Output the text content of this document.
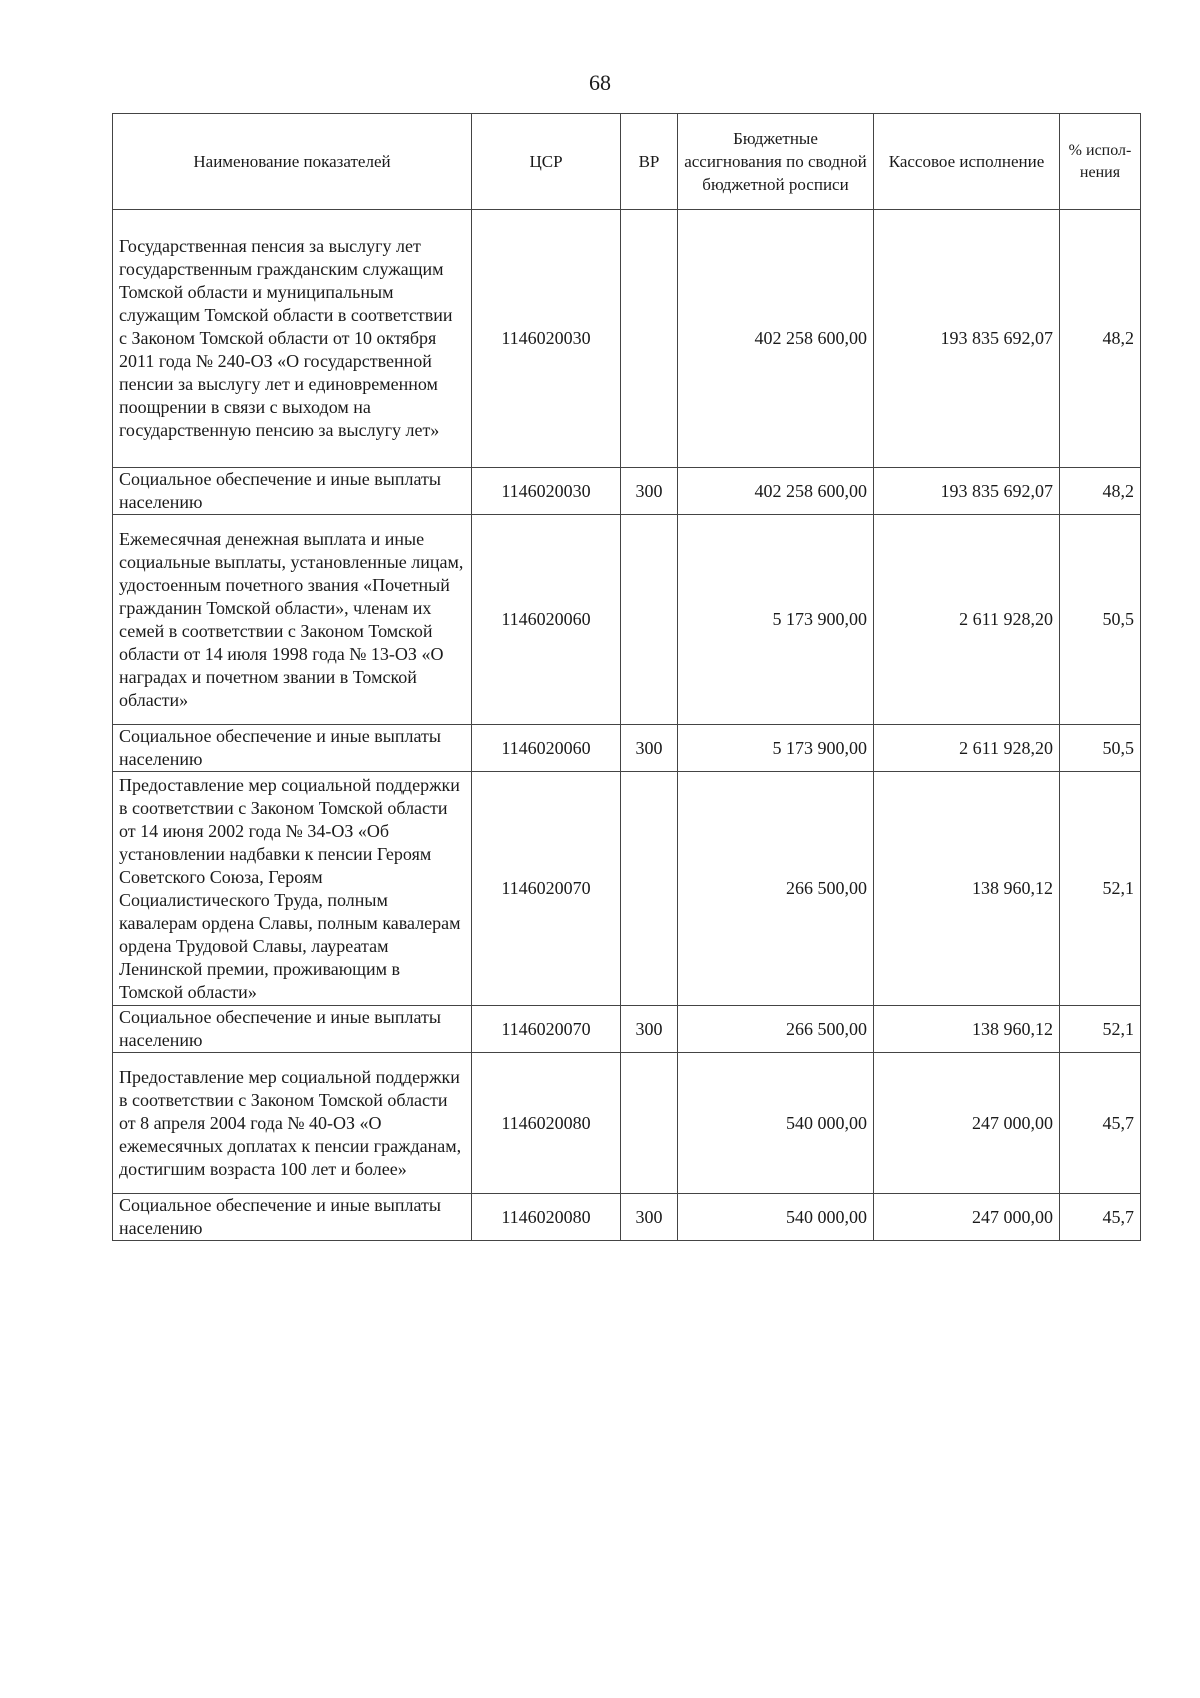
68
Наименование показателей	ЦСР	ВР	Бюджетные ассигнования по сводной бюджетной росписи	Кассовое исполнение	% испол-нения
Государственная пенсия за выслугу лет государственным гражданским служащим Томской области и муниципальным служащим Томской области в соответствии с Законом Томской области от 10 октября 2011 года № 240-ОЗ «О государственной пенсии за выслугу лет и единовременном поощрении в связи с выходом на государственную пенсию за выслугу лет»	1146020030		402 258 600,00	193 835 692,07	48,2
Социальное обеспечение и иные выплаты населению	1146020030	300	402 258 600,00	193 835 692,07	48,2
Ежемесячная денежная выплата и иные социальные выплаты, установленные лицам, удостоенным почетного звания «Почетный гражданин Томской области», членам их семей в соответствии с Законом Томской области от 14 июля 1998 года № 13-ОЗ «О наградах и почетном звании в Томской области»	1146020060		5 173 900,00	2 611 928,20	50,5
Социальное обеспечение и иные выплаты населению	1146020060	300	5 173 900,00	2 611 928,20	50,5
Предоставление мер социальной поддержки в соответствии с Законом Томской области от 14 июня 2002 года № 34-ОЗ «Об установлении надбавки к пенсии Героям Советского Союза, Героям Социалистического Труда, полным кавалерам ордена Славы, полным кавалерам ордена Трудовой Славы, лауреатам Ленинской премии, проживающим в Томской области»	1146020070		266 500,00	138 960,12	52,1
Социальное обеспечение и иные выплаты населению	1146020070	300	266 500,00	138 960,12	52,1
Предоставление мер социальной поддержки в соответствии с Законом Томской области от 8 апреля 2004 года № 40-ОЗ «О ежемесячных доплатах к пенсии гражданам, достигшим возраста 100 лет и более»	1146020080		540 000,00	247 000,00	45,7
Социальное обеспечение и иные выплаты населению	1146020080	300	540 000,00	247 000,00	45,7
